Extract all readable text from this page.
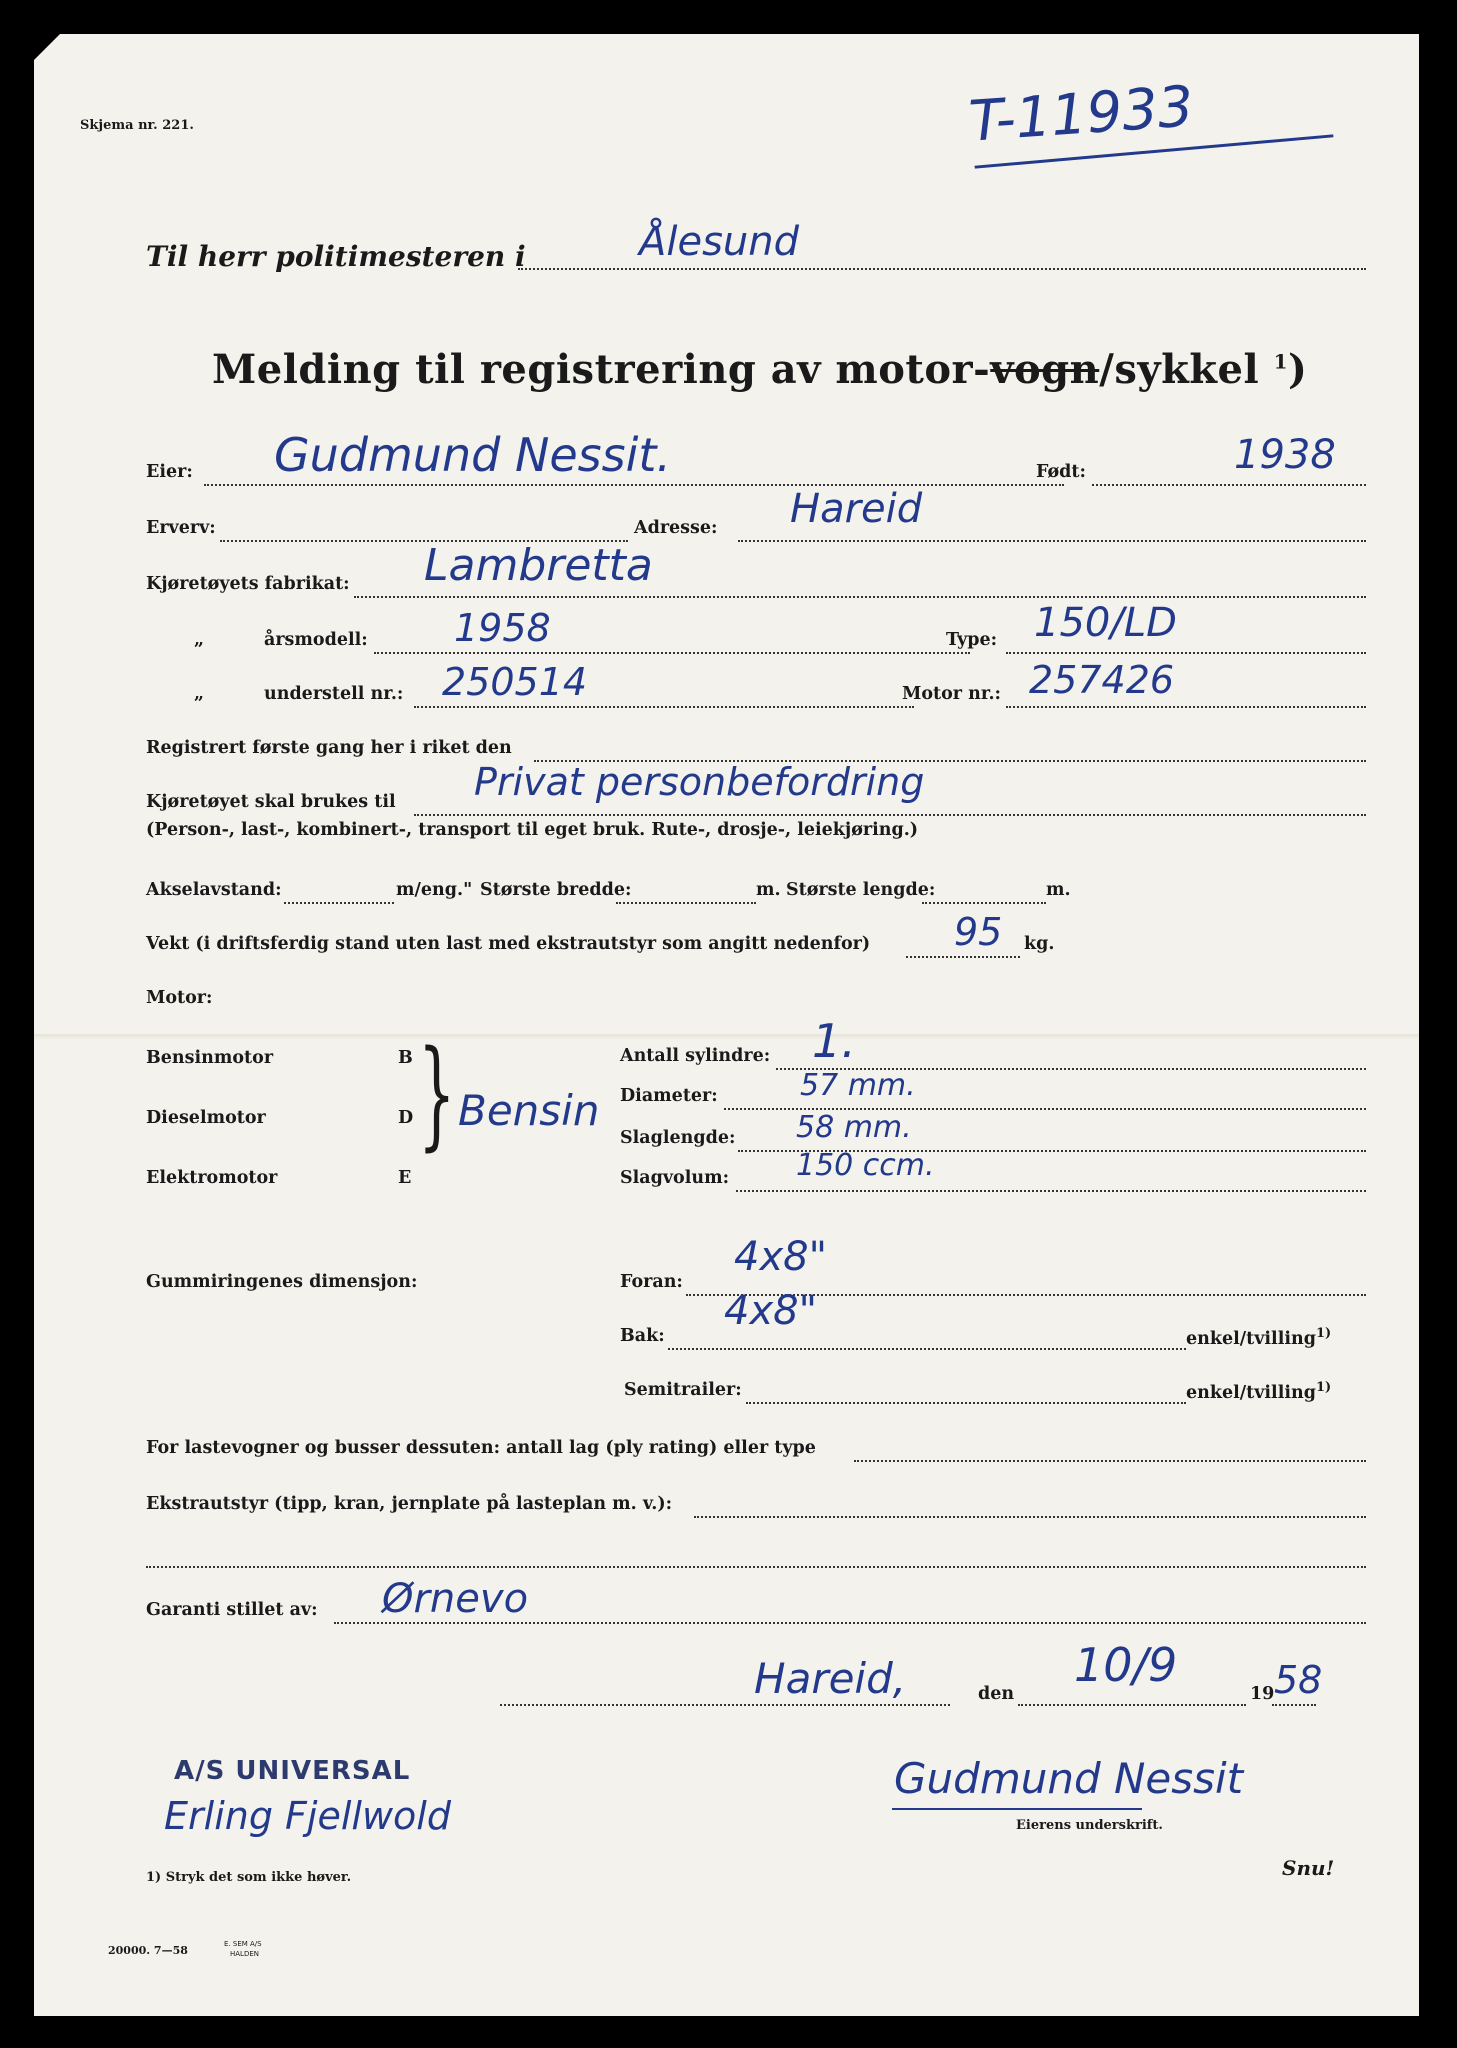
Skjema nr. 221.	T-11933
Til herr politimesteren i	Ålesund
Melding til registrering av motor-vogn/sykkel $^1$)
Eier: Gudmund Nessit.	Født:	1938
Erverv:	Adresse: Hareid
Kjøretøyets fabrikat: Lambretta
„	årsmodell: 1958	Type: 150/LD
„	understell nr.: 250514	Motor nr.: 257426
Registrert første gang her i riket den
Kjøretøyet skal brukes til Privat personbefordring
(Person-, last-, kombinert-, transport til eget bruk. Rute-, drosje-, leiekjøring.)
Akselavstand:	m/eng." Største bredde:	m. Største lengde:	m.
Vekt (i driftsferdig stand uten last med ekstrautstyr som angitt nedenfor) 95 kg.
Motor:
Bensinmotor	B
Dieselmotor	D
Elektromotor	E
} Bensin
Antall sylindre: 1.
Diameter:	57 mm.
Slaglengde: 58 mm.
Slagvolum: 150 ccm.
Gummiringenes dimensjon:	Foran:
4x8"
Bak:
4x8"
enkel/tvilling$^{1)}$
Semitrailer:	enkel/tvilling$^{1)}$
For lastevogner og busser dessuten: antall lag (ply rating) eller type
Ekstrautstyr (tipp, kran, jernplate på lasteplan m. v.):
Garanti stillet av: Ørnevo
Hareid,	den
10/9
19 58
Gudmund Nessit
Eierens underskrift.
A/S UNIVERSAL
Erling Fjellwold
1) Stryk det som ikke høver.	Snu!
20000. 7—58	E. SEM A/S
HALDEN
